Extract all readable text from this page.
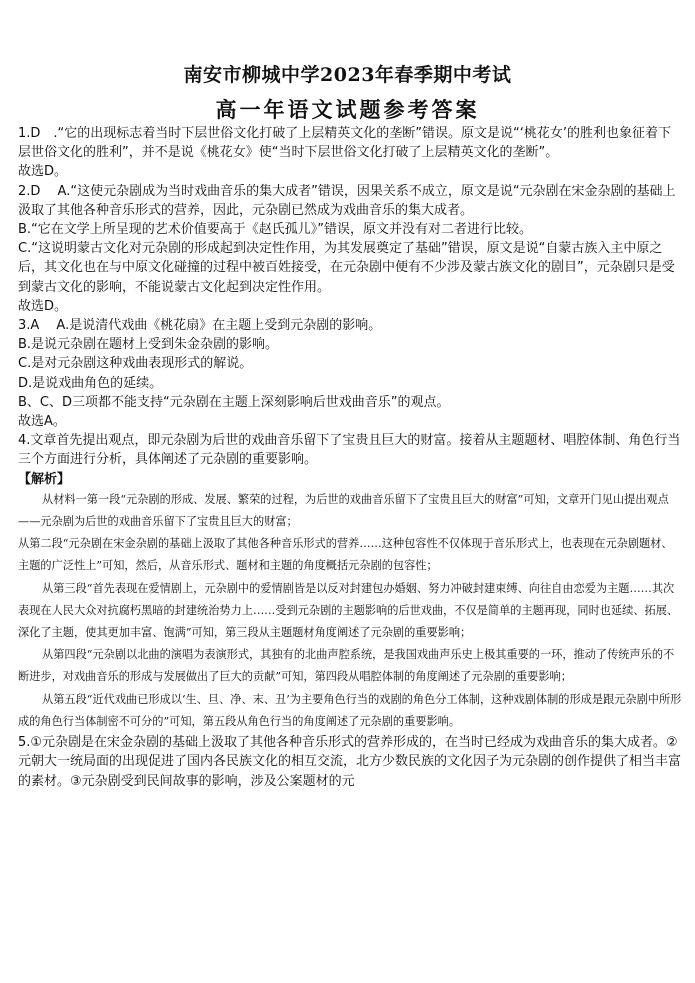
南安市柳城中学2023年春季期中考试
高一年语文试题参考答案

1.D　.“它的出现标志着当时下层世俗文化打破了上层精英文化的垄断”错误。原文是说“‘桃花女’的胜利也象征着下层世俗文化的胜利”，并不是说《桃花女》使“当时下层世俗文化打破了上层精英文化的垄断”。

故选D。

2.D　 A.“这使元杂剧成为当时戏曲音乐的集大成者”错误，因果关系不成立，原文是说“元杂剧在宋金杂剧的基础上汲取了其他各种音乐形式的营养，因此，元杂剧已然成为戏曲音乐的集大成者。

B.“它在文学上所呈现的艺术价值要高于《赵氏孤儿》”错误，原文并没有对二者进行比较。

C.“这说明蒙古文化对元杂剧的形成起到决定性作用，为其发展奠定了基础”错误，原文是说“自蒙古族入主中原之后，其文化也在与中原文化碰撞的过程中被百姓接受，在元杂剧中便有不少涉及蒙古族文化的剧目”，元杂剧只是受到蒙古文化的影响，不能说蒙古文化起到决定性作用。

故选D。

3.A　 A.是说清代戏曲《桃花扇》在主题上受到元杂剧的影响。

B.是说元杂剧在题材上受到朱金杂剧的影响。

C.是对元杂剧这种戏曲表现形式的解说。

D.是说戏曲角色的延续。

B、C、D三项都不能支持“元杂剧在主题上深刻影响后世戏曲音乐”的观点。

故选A。

4.文章首先提出观点，即元杂剧为后世的戏曲音乐留下了宝贵且巨大的财富。接着从主题题材、唱腔体制、角色行当三个方面进行分析，具体阐述了元杂剧的重要影响。

【解析】

从材料一第一段“元杂剧的形成、发展、繁荣的过程，为后世的戏曲音乐留下了宝贵且巨大的财富”可知，文章开门见山提出观点——元杂剧为后世的戏曲音乐留下了宝贵且巨大的财富；

从第二段“元杂剧在宋金杂剧的基础上汲取了其他各种音乐形式的营养……这种包容性不仅体现于音乐形式上，也表现在元杂剧题材、主题的广泛性上”可知，然后，从音乐形式、题材和主题的角度概括元杂剧的包容性；

从第三段“首先表现在爱情剧上，元杂剧中的爱情剧皆是以反对封建包办婚姻、努力冲破封建束缚、向往自由恋爱为主题……其次表现在人民大众对抗腐朽黑暗的封建统治势力上……受到元杂剧的主题影响的后世戏曲，不仅是简单的主题再现，同时也延续、拓展、深化了主题，使其更加丰富、饱满”可知，第三段从主题题材角度阐述了元杂剧的重要影响；

从第四段“元杂剧以北曲的演唱为表演形式，其独有的北曲声腔系统，是我国戏曲声乐史上极其重要的一环，推动了传统声乐的不断进步，对戏曲音乐的形成与发展做出了巨大的贡献”可知，第四段从唱腔体制的角度阐述了元杂剧的重要影响；

从第五段“近代戏曲已形成以‘生、旦、净、末、丑’为主要角色行当的戏剧的角色分工体制，这种戏剧体制的形成是跟元杂剧中所形成的角色行当体制密不可分的”可知，第五段从角色行当的角度阐述了元杂剧的重要影响。

5.①元杂剧是在宋金杂剧的基础上汲取了其他各种音乐形式的营养形成的，在当时已经成为戏曲音乐的集大成者。②元朝大一统局面的出现促进了国内各民族文化的相互交流，北方少数民族的文化因子为元杂剧的创作提供了相当丰富的素材。③元杂剧受到民间故事的影响，涉及公案题材的元
